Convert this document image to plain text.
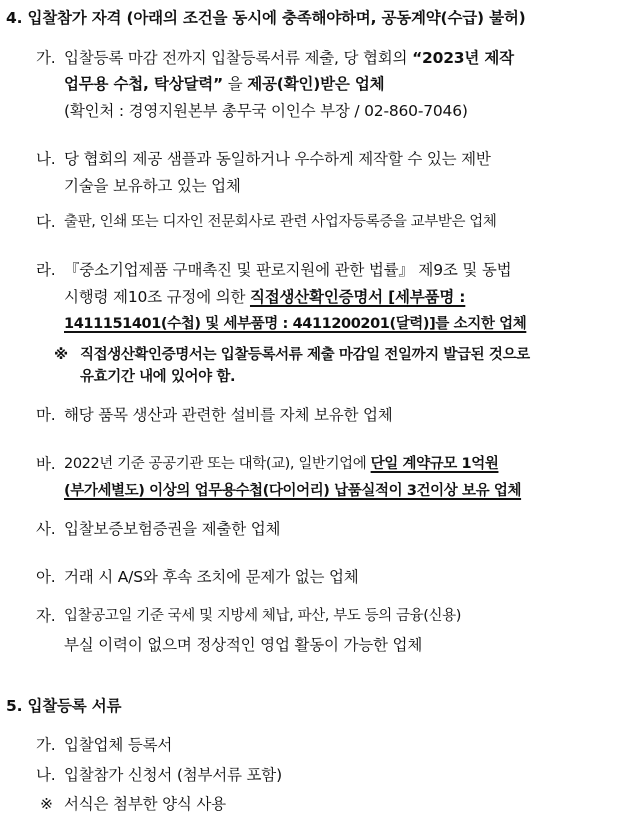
4. 입찰참가 자격 (아래의 조건을 동시에 충족해야하며, 공동계약(수급) 불허)
가. 입찰등록 마감 전까지 입찰등록서류 제출, 당 협회의 “2023년 제작
업무용 수첩, 탁상달력” 을 제공(확인)받은 업체
(확인처 : 경영지원본부 총무국 이인수 부장 / 02-860-7046)
나. 당 협회의 제공 샘플과 동일하거나 우수하게 제작할 수 있는 제반
기술을 보유하고 있는 업체
다. 출판, 인쇄 또는 디자인 전문회사로 관련 사업자등록증을 교부받은 업체
라. 『중소기업제품 구매촉진 및 판로지원에 관한 법률』 제9조 및 동법
시행령 제10조 규정에 의한 직접생산확인증명서 [세부품명 :
1411151401(수첩) 및 세부품명 : 4411200201(달력)]를 소지한 업체
※ 직접생산확인증명서는 입찰등록서류 제출 마감일 전일까지 발급된 것으로
유효기간 내에 있어야 함.
마. 해당 품목 생산과 관련한 설비를 자체 보유한 업체
바. 2022년 기준 공공기관 또는 대학(교), 일반기업에 단일 계약규모 1억원
(부가세별도) 이상의 업무용수첩(다이어리) 납품실적이 3건이상 보유 업체
사. 입찰보증보험증권을 제출한 업체
아. 거래 시 A/S와 후속 조치에 문제가 없는 업체
자. 입찰공고일 기준 국세 및 지방세 체납, 파산, 부도 등의 금융(신용)
부실 이력이 없으며 정상적인 영업 활동이 가능한 업체
5. 입찰등록 서류
가. 입찰업체 등록서
나. 입찰참가 신청서 (첨부서류 포함)
※ 서식은 첨부한 양식 사용
